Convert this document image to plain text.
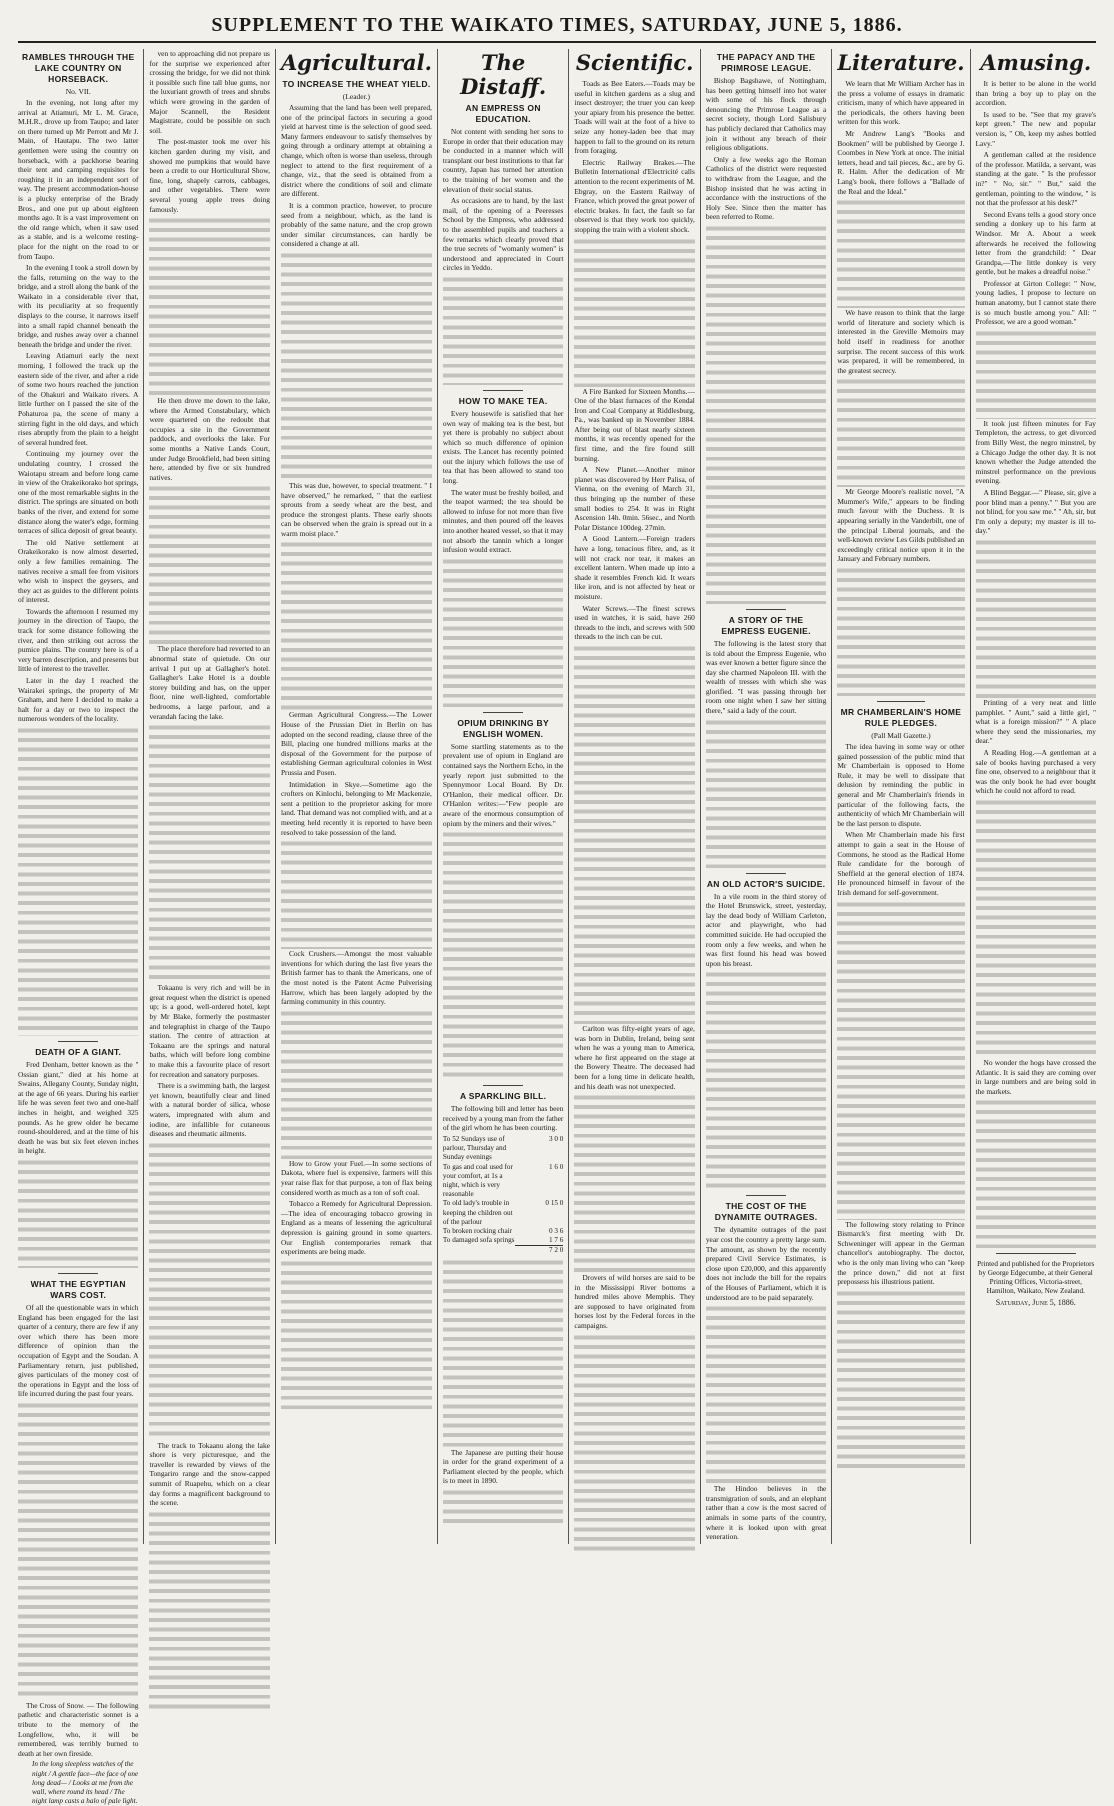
SUPPLEMENT TO THE WAIKATO TIMES, SATURDAY, JUNE 5, 1886.
RAMBLES THROUGH THE LAKE COUNTRY ON HORSEBACK.
No. VII.

In the evening, not long after my arrival at Atiamuri, Mr L. M. Grace, M.H.R., drove up from Taupo; and later on there turned up Mr Perrott and Mr J. Main, of Hautapu. The two latter gentlemen were using the country on horseback, with a packhorse bearing their tent and camping requisites for roughing it in an independent sort of way. The present accommodation-house is a plucky enterprise of the Brady Bros., and one put up about eighteen months ago. It is a vast improvement on the old range which, when it saw used as a stable, and is a welcome resting-place for the night on the road to or from Taupo.

In the evening I took a stroll down by the falls, returning on the way to the bridge, and a stroll along the bank of the Waikato in a considerable river that, with its peculiarity at so frequently displays to the course, it narrows itself into a small rapid channel beneath the bridge, and rushes away over a channel beneath the bridge and under the river.

Leaving Atiamuri early the next morning, I followed the track up the eastern side of the river, and after a ride of some two hours reached the junction of the Ohakuri and Waikato rivers. A little further on I passed the site of the Pohaturoa pa, the scene of many a stirring fight in the old days, and which rises abruptly from the plain to a height of several hundred feet.

Continuing my journey over the undulating country, I crossed the Waiotapu stream and before long came in view of the Orakeikorako hot springs, one of the most remarkable sights in the district. The springs are situated on both banks of the river, and extend for some distance along the water's edge, forming terraces of silica deposit of great beauty.

The old Native settlement at Orakeikorako is now almost deserted, only a few families remaining. The natives receive a small fee from visitors who wish to inspect the geysers, and they act as guides to the different points of interest.

Towards the afternoon I resumed my journey in the direction of Taupo, the track for some distance following the river, and then striking out across the pumice plains. The country here is of a very barren description, and presents but little of interest to the traveller.

Later in the day I reached the Wairakei springs, the property of Mr Graham, and here I decided to make a halt for a day or two to inspect the numerous wonders of the locality.

DEATH OF A GIANT.

Fred Denham, better known as the " Ossian giant," died at his home at Swains, Allegany County, Sunday night, at the age of 66 years. During his earlier life he was seven feet two and one-half inches in height, and weighed 325 pounds. As he grew older he became round-shouldered, and at the time of his death he was but six feet eleven inches in height.

WHAT THE EGYPTIAN WARS COST.

Of all the questionable wars in which England has been engaged for the last quarter of a century, there are few if any over which there has been more difference of opinion than the occupation of Egypt and the Soudan. A Parliamentary return, just published, gives particulars of the money cost of the operations in Egypt and the loss of life incurred during the past four years.

The Cross of Snow. — The following pathetic and characteristic sonnet is a tribute to the memory of the Longfellow, who, it will be remembered, was terribly burned to death at her own fireside.

In the long sleepless watches of the night / A gentle face—the face of one long dead— / Looks at me from the wall, where round its head / The night lamp casts a halo of pale light.

ven to approaching did not prepare us for the surprise we experienced after crossing the bridge, for we did not think it possible such fine tall blue gums, nor the luxuriant growth of trees and shrubs which were growing in the garden of Major Scannell, the Resident Magistrate, could be possible on such soil.

The post-master took me over his kitchen garden during my visit, and showed me pumpkins that would have been a credit to our Horticultural Show, fine, long, shapely carrots, cabbages, and other vegetables. There were several young apple trees doing famously.

He then drove me down to the lake, where the Armed Constabulary, which were quartered on the redoubt that occupies a site in the Government paddock, and overlooks the lake. For some months a Native Lands Court, under Judge Brookfield, had been sitting here, attended by five or six hundred natives.

The place therefore had reverted to an abnormal state of quietude. On our arrival I put up at Gallagher's hotel. Gallagher's Lake Hotel is a double storey building and has, on the upper floor, nine well-lighted, comfortable bedrooms, a large parlour, and a verandah facing the lake.

Tokaanu is very rich and will be in great request when the district is opened up; is a good, well-ordered hotel, kept by Mr Blake, formerly the postmaster and telegraphist in charge of the Taupo station. The centre of attraction at Tokaanu are the springs and natural baths, which will before long combine to make this a favourite place of resort for recreation and sanatory purposes.

There is a swimming bath, the largest yet known, beautifully clear and lined with a natural border of silica, whose waters, impregnated with alum and iodine, are infallible for cutaneous diseases and rheumatic ailments.

The track to Tokaanu along the lake shore is very picturesque, and the traveller is rewarded by views of the Tongariro range and the snow-capped summit of Ruapehu, which on a clear day forms a magnificent background to the scene.

Agricultural.
TO INCREASE THE WHEAT YIELD.
(Leader.)

Assuming that the land has been well prepared, one of the principal factors in securing a good yield at harvest time is the selection of good seed. Many farmers endeavour to satisfy themselves by going through a ordinary attempt at obtaining a change, which often is worse than useless, through neglect to attend to the first requirement of a change, viz., that the seed is obtained from a district where the conditions of soil and climate are different.

It is a common practice, however, to procure seed from a neighbour, which, as the land is probably of the same nature, and the crop grown under similar circumstances, can hardly be considered a change at all.

This was due, however, to special treatment. " I have observed," he remarked, " that the earliest sprouts from a seedy wheat are the best, and produce the strongest plants. These early shoots can be observed when the grain is spread out in a warm moist place."

German Agricultural Congress.—The Lower House of the Prussian Diet in Berlin on has adopted on the second reading, clause three of the Bill, placing one hundred millions marks at the disposal of the Government for the purpose of establishing German agricultural colonies in West Prussia and Posen.

Intimidation in Skye.—Sometime ago the crofters on Kinlochi, belonging to Mr Mackenzie, sent a petition to the proprietor asking for more land. That demand was not complied with, and at a meeting held recently it is reported to have been resolved to take possession of the land.

Cock Crushers.—Amongst the most valuable inventions for which during the last five years the British farmer has to thank the Americans, one of the most noted is the Patent Acme Pulverising Harrow, which has been largely adopted by the farming community in this country.

How to Grow your Fuel.—In some sections of Dakota, where fuel is expensive, farmers will this year raise flax for that purpose, a ton of flax being considered worth as much as a ton of soft coal.

Tobacco a Remedy for Agricultural Depression.—The idea of encouraging tobacco growing in England as a means of lessening the agricultural depression is gaining ground in some quarters. Our English contemporaries remark that experiments are being made.

The Distaff.
AN EMPRESS ON EDUCATION.

Not content with sending her sons to Europe in order that their education may be conducted in a manner which will transplant our best institutions to that far country, Japan has turned her attention to the training of her women and the elevation of their social status.

As occasions are to hand, by the last mail, of the opening of a Peeresses School by the Empress, who addressed to the assembled pupils and teachers a few remarks which clearly proved that the true secrets of "womanly women" is understood and appreciated in Court circles in Yeddo.

HOW TO MAKE TEA.

Every housewife is satisfied that her own way of making tea is the best, but yet there is probably no subject about which so much difference of opinion exists. The Lancet has recently pointed out the injury which follows the use of tea that has been allowed to stand too long.

The water must be freshly boiled, and the teapot warmed; the tea should be allowed to infuse for not more than five minutes, and then poured off the leaves into another heated vessel, so that it may not absorb the tannin which a longer infusion would extract.

OPIUM DRINKING BY ENGLISH WOMEN.

Some startling statements as to the prevalent use of opium in England are contained says the Northern Echo, in the yearly report just submitted to the Spennymoor Local Board. By Dr. O'Hanlon, their medical officer. Dr. O'Hanlon writes:—"Few people are aware of the enormous consumption of opium by the miners and their wives."

A SPARKLING BILL.

The following bill and letter has been received by a young man from the father of the girl whom he has been courting.

To 52 Sundays use of parlour, Thursday and Sunday evenings	3 0 0
To gas and coal used for your comfort, at 1s a night, which is very reasonable	1 6 0
To old lady's trouble in keeping the children out of the parlour	0 15 0
To broken rocking chair	0 3 6
To damaged sofa springs	1 7 6
	7 2 0

The Japanese are putting their house in order for the grand experiment of a Parliament elected by the people, which is to meet in 1890.

Scientific.

Toads as Bee Eaters.—Toads may be useful in kitchen gardens as a slug and insect destroyer; the truer you can keep your apiary from his presence the better. Toads will wait at the foot of a hive to seize any honey-laden bee that may happen to fall to the ground on its return from foraging.

Electric Railway Brakes.—The Bulletin International d'Electricité calls attention to the recent experiments of M. Ebgray, on the Eastern Railway of France, which proved the great power of electric brakes. In fact, the fault so far observed is that they work too quickly, stopping the train with a violent shock.

A Fire Banked for Sixteen Months.—One of the blast furnaces of the Kendal Iron and Coal Company at Riddlesburg, Pa., was banked up in November 1884. After being out of blast nearly sixteen months, it was recently opened for the first time, and the fire found still burning.

A New Planet.—Another minor planet was discovered by Herr Palisa, of Vienna, on the evening of March 31, thus bringing up the number of these small bodies to 254. It was in Right Ascension 14h. 0min. 56sec., and North Polar Distance 100deg. 27min.

A Good Lantern.—Foreign traders have a long, tenacious fibre, and, as it will not crack nor tear, it makes an excellent lantern. When made up into a shade it resembles French kid. It wears like iron, and is not affected by heat or moisture.

Water Screws.—The finest screws used in watches, it is said, have 260 threads to the inch, and screws with 500 threads to the inch can be cut.

Carlton was fifty-eight years of age, was born in Dublin, Ireland, being sent when he was a young man to America, where he first appeared on the stage at the Bowery Theatre. The deceased had been for a long time in delicate health, and his death was not unexpected.

Drovers of wild horses are said to be in the Mississippi River bottoms a hundred miles above Memphis. They are supposed to have originated from horses lost by the Federal forces in the campaigns.

THE PAPACY AND THE PRIMROSE LEAGUE.

Bishop Bagshawe, of Nottingham, has been getting himself into hot water with some of his flock through denouncing the Primrose League as a secret society, though Lord Salisbury has publicly declared that Catholics may join it without any breach of their religious obligations.

Only a few weeks ago the Roman Catholics of the district were requested to withdraw from the League, and the Bishop insisted that he was acting in accordance with the instructions of the Holy See. Since then the matter has been referred to Rome.

A STORY OF THE EMPRESS EUGENIE.

The following is the latest story that is told about the Empress Eugenie, who was ever known a better figure since the day she charmed Napoleon III. with the wealth of tresses with which she was glorified. "I was passing through her room one night when I saw her sitting there," said a lady of the court.

AN OLD ACTOR'S SUICIDE.

In a vile room in the third storey of the Hotel Brunswick, street, yesterday, lay the dead body of William Carleton, actor and playwright, who had committed suicide. He had occupied the room only a few weeks, and when he was first found his head was bowed upon his breast.

THE COST OF THE DYNAMITE OUTRAGES.

The dynamite outrages of the past year cost the country a pretty large sum. The amount, as shown by the recently prepared Civil Service Estimates, is close upon £20,000, and this apparently does not include the bill for the repairs of the Houses of Parliament, which it is understood are to be paid separately.

The Hindoo believes in the transmigration of souls, and an elephant rather than a cow is the most sacred of animals in some parts of the country, where it is looked upon with great veneration.

Literature.

We learn that Mr William Archer has in the press a volume of essays in dramatic criticism, many of which have appeared in the periodicals, the others having been written for this work.

Mr Andrew Lang's "Books and Bookmen" will be published by George J. Coombes in New York at once. The initial letters, head and tail pieces, &c., are by G. R. Halm. After the dedication of Mr Lang's book, there follows a "Ballade of the Real and the Ideal."

We have reason to think that the large world of literature and society which is interested in the Greville Memoirs may hold itself in readiness for another surprise. The recent success of this work was prepared, it will be remembered, in the greatest secrecy.

Mr George Moore's realistic novel, "A Mummer's Wife," appears to be finding much favour with the Duchess. It is appearing serially in the Vanderbilt, one of the principal Liberal journals, and the well-known review Les Gilds published an exceedingly critical notice upon it in the January and February numbers.

MR CHAMBERLAIN'S HOME RULE PLEDGES.
(Pall Mall Gazette.)

The idea having in some way or other gained possession of the public mind that Mr Chamberlain is opposed to Home Rule, it may be well to dissipate that delusion by reminding the public in general and Mr Chamberlain's friends in particular of the following facts, the authenticity of which Mr Chamberlain will be the last person to dispute.

When Mr Chamberlain made his first attempt to gain a seat in the House of Commons, he stood as the Radical Home Rule candidate for the borough of Sheffield at the general election of 1874. He pronounced himself in favour of the Irish demand for self-government.

The following story relating to Prince Bismarck's first meeting with Dr. Schweninger will appear in the German chancellor's autobiography. The doctor, who is the only man living who can "keep the prince down," did not at first prepossess his illustrious patient.

Amusing.

It is better to be alone in the world than bring a boy up to play on the accordion.

Is used to be. "See that my grave's kept green." The new and popular version is, " Oh, keep my ashes bottled Lavy."

A gentleman called at the residence of the professor. Matilda, a servant, was standing at the gate. " Is the professor in?" " No, sir." " But," said the gentleman, pointing to the window, " is not that the professor at his desk?"

Second Evans tells a good story once sending a donkey up to his farm at Windsor. Mr A. About a week afterwards he received the following letter from the grandchild: " Dear Grandpa,—The little donkey is very gentle, but he makes a dreadful noise."

Professor at Girton College: " Now, young ladies, I propose to lecture on human anatomy, but I cannot state there is so much bustle among you." All: " Professor, we are a good woman."

It took just fifteen minutes for Fay Templeton, the actress, to get divorced from Billy West, the negro minstrel, by a Chicago Judge the other day. It is not known whether the Judge attended the minstrel performance on the previous evening.

A Blind Beggar.—" Please, sir, give a poor blind man a penny." " But you are not blind, for you saw me." " Ah, sir, but I'm only a deputy; my master is ill to-day."

Printing of a very neat and little pamphlet. " Aunt," said a little girl, " what is a foreign mission?" " A place where they send the missionaries, my dear."

A Reading Hog.—A gentleman at a sale of books having purchased a very fine one, observed to a neighbour that it was the only book he had ever bought which he could not afford to read.

No wonder the hogs have crossed the Atlantic. It is said they are coming over in large numbers and are being sold in the markets.

Printed and published for the Proprietors by George Edgecumbe, at their General Printing Offices, Victoria-street, Hamilton, Waikato, New Zealand.
Saturday, June 5, 1886.
